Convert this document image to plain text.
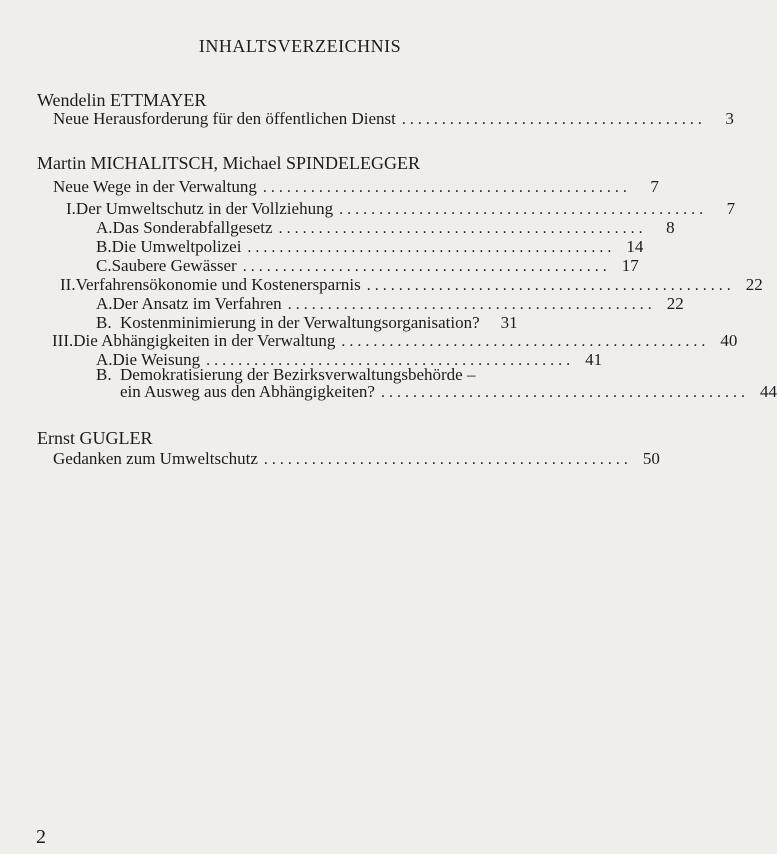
INHALTSVERZEICHNIS
Wendelin ETTMAYER
Neue Herausforderung für den öffentlichen Dienst ......................................	3
Martin MICHALITSCH, Michael SPINDELEGGER
Neue Wege in der Verwaltung ..............................................	7
I. Der Umweltschutz in der Vollziehung ..............................................	7
A. Das Sonderabfallgesetz ..............................................	8
B. Die Umweltpolizei .............................................. 14
C. Saubere Gewässer .............................................. 17
II. Verfahrensökonomie und Kostenersparnis .............................................. 22
A. Der Ansatz im Verfahren .............................................. 22
B. Kostenminimierung in der Verwaltungsorganisation? 31
III. Die Abhängigkeiten in der Verwaltung .............................................. 40
A. Die Weisung .............................................. 41
B. Demokratisierung der Bezirksverwaltungsbehörde –
ein Ausweg aus den Abhängigkeiten? .............................................. 44
Ernst GUGLER
Gedanken zum Umweltschutz .............................................. 50
2
